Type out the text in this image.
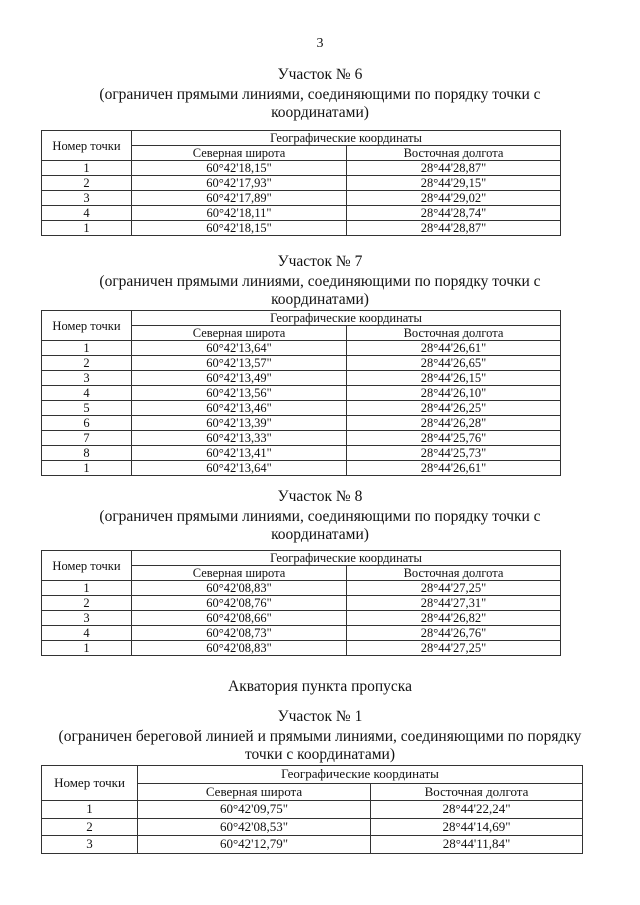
3
Акватория пункта пропуска
Участок № 6
(ограничен прямыми линиями, соединяющими по порядку точки с
координатами)
Номер точки	Географические координаты	
	Северная широта	Восточная долгота
1	60°42'18,15"	28°44'28,87"
2	60°42'17,93"	28°44'29,15"
3	60°42'17,89"	28°44'29,02"
4	60°42'18,11"	28°44'28,74"
1	60°42'18,15"	28°44'28,87"
Участок № 7
(ограничен прямыми линиями, соединяющими по порядку точки с
координатами)
Номер точки	Географические координаты	
	Северная широта	Восточная долгота
1	60°42'13,64"	28°44'26,61"
2	60°42'13,57"	28°44'26,65"
3	60°42'13,49"	28°44'26,15"
4	60°42'13,56"	28°44'26,10"
5	60°42'13,46"	28°44'26,25"
6	60°42'13,39"	28°44'26,28"
7	60°42'13,33"	28°44'25,76"
8	60°42'13,41"	28°44'25,73"
1	60°42'13,64"	28°44'26,61"
Участок № 8
(ограничен прямыми линиями, соединяющими по порядку точки с
координатами)
Номер точки	Географические координаты	
	Северная широта	Восточная долгота
1	60°42'08,83"	28°44'27,25"
2	60°42'08,76"	28°44'27,31"
3	60°42'08,66"	28°44'26,82"
4	60°42'08,73"	28°44'26,76"
1	60°42'08,83"	28°44'27,25"
Участок № 1
(ограничен береговой линией и прямыми линиями, соединяющими по порядку
точки с координатами)
Номер точки	Географические координаты	
	Северная широта	Восточная долгота
1	60°42'09,75"	28°44'22,24"
2	60°42'08,53"	28°44'14,69"
3	60°42'12,79"	28°44'11,84"
